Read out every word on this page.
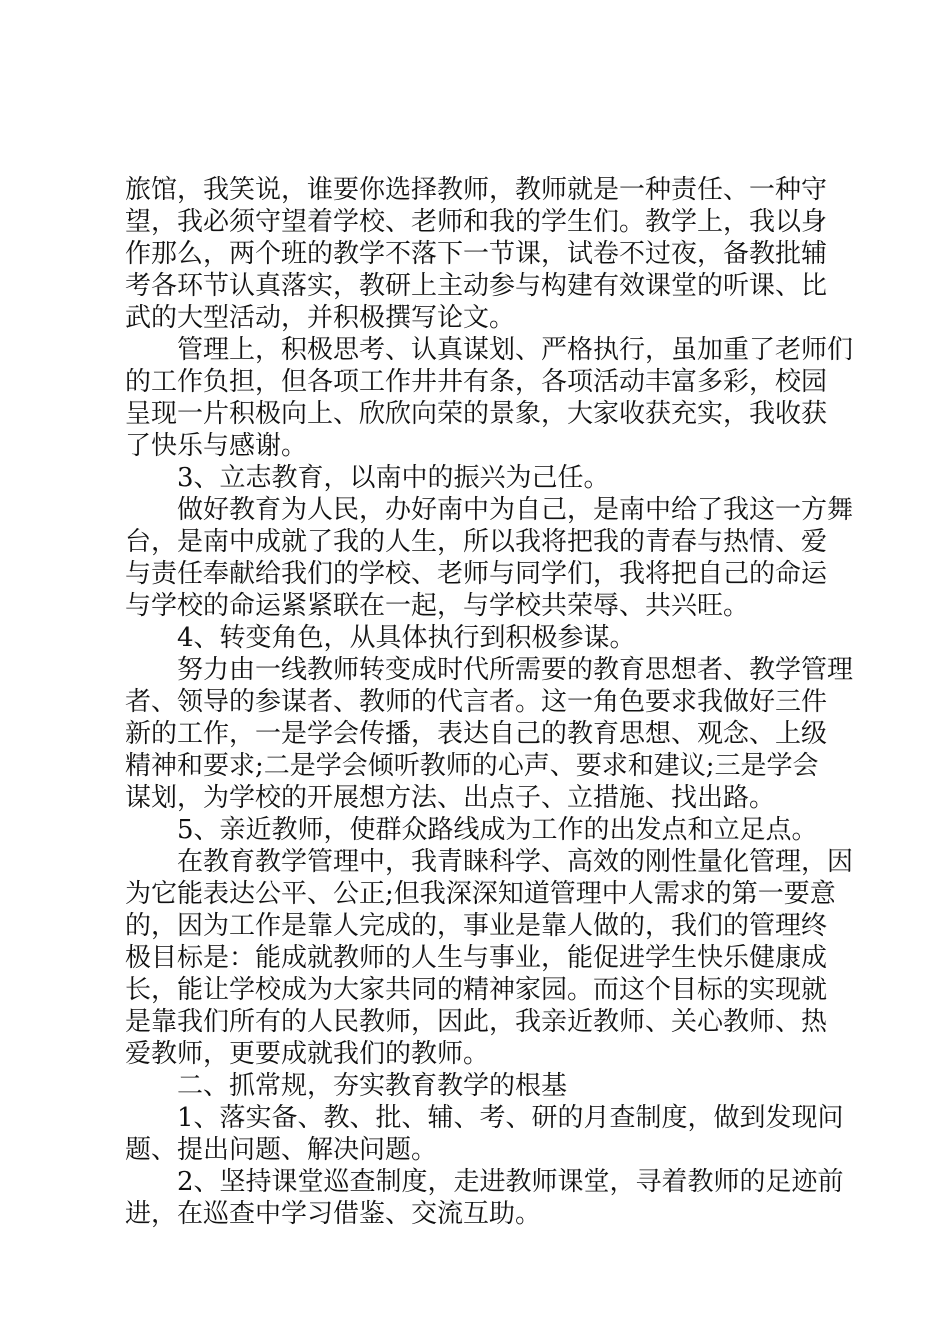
旅馆，我笑说，谁要你选择教师，教师就是一种责任、一种守

望，我必须守望着学校、老师和我的学生们。教学上，我以身

作那么，两个班的教学不落下一节课，试卷不过夜，备教批辅

考各环节认真落实，教研上主动参与构建有效课堂的听课、比

武的大型活动，并积极撰写论文。

　　管理上，积极思考、认真谋划、严格执行，虽加重了老师们

的工作负担，但各项工作井井有条，各项活动丰富多彩，校园

呈现一片积极向上、欣欣向荣的景象，大家收获充实，我收获

了快乐与感谢。

　　3、立志教育，以南中的振兴为己任。

　　做好教育为人民，办好南中为自己，是南中给了我这一方舞

台，是南中成就了我的人生，所以我将把我的青春与热情、爱

与责任奉献给我们的学校、老师与同学们，我将把自己的命运

与学校的命运紧紧联在一起，与学校共荣辱、共兴旺。

　　4、转变角色，从具体执行到积极参谋。

　　努力由一线教师转变成时代所需要的教育思想者、教学管理

者、领导的参谋者、教师的代言者。这一角色要求我做好三件

新的工作，一是学会传播，表达自己的教育思想、观念、上级

精神和要求;二是学会倾听教师的心声、要求和建议;三是学会

谋划，为学校的开展想方法、出点子、立措施、找出路。

　　5、亲近教师，使群众路线成为工作的出发点和立足点。

　　在教育教学管理中，我青睐科学、高效的刚性量化管理，因

为它能表达公平、公正;但我深深知道管理中人需求的第一要意

的，因为工作是靠人完成的，事业是靠人做的，我们的管理终

极目标是：能成就教师的人生与事业，能促进学生快乐健康成

长，能让学校成为大家共同的精神家园。而这个目标的实现就

是靠我们所有的人民教师，因此，我亲近教师、关心教师、热

爱教师，更要成就我们的教师。

　　二、抓常规，夯实教育教学的根基

　　1、落实备、教、批、辅、考、研的月查制度，做到发现问

题、提出问题、解决问题。

　　2、坚持课堂巡查制度，走进教师课堂，寻着教师的足迹前

进，在巡查中学习借鉴、交流互助。
